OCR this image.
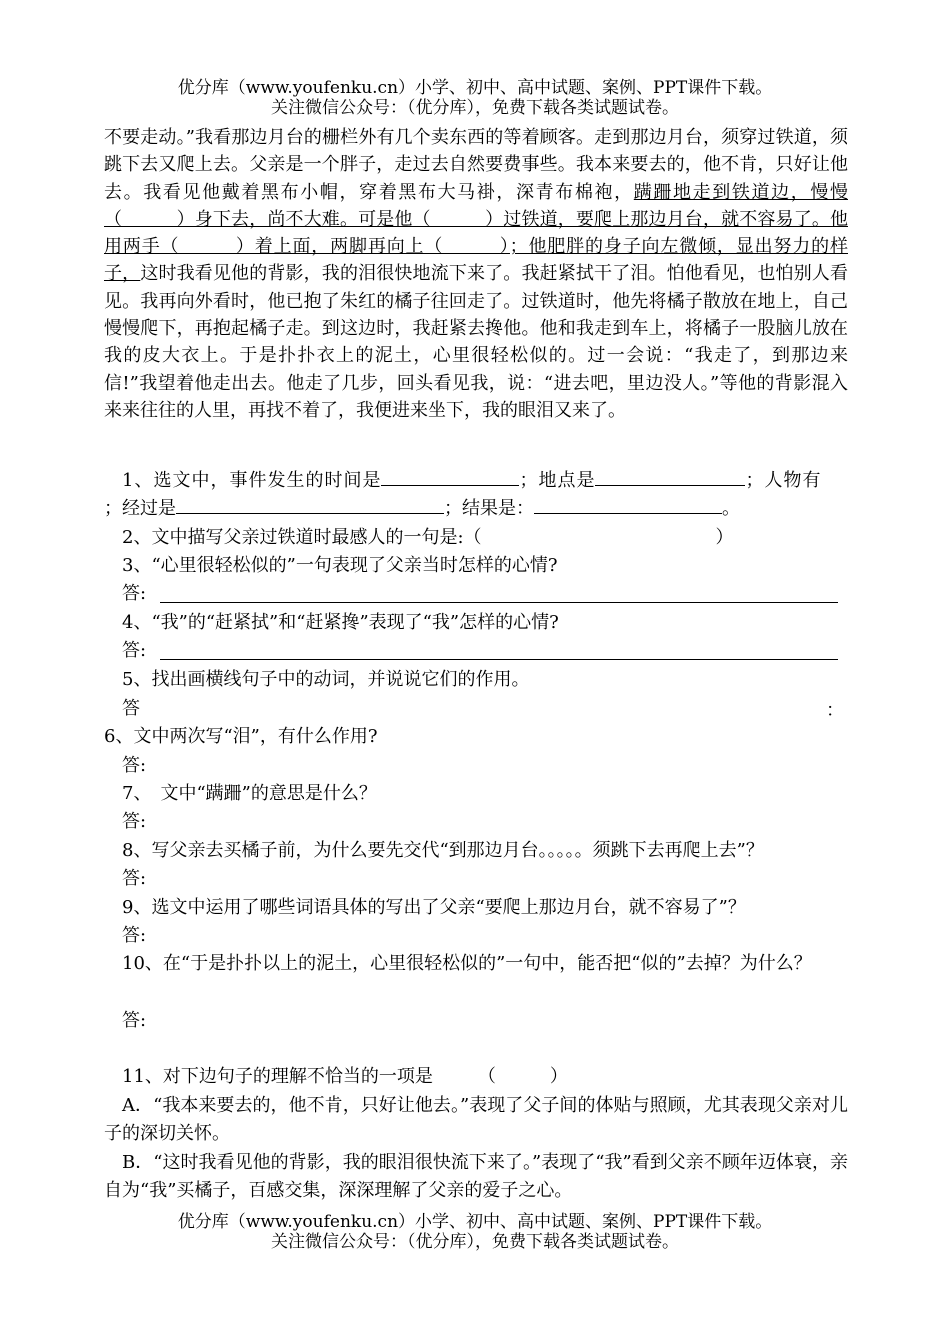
优分库（www.youfenku.cn）小学、初中、高中试题、案例、PPT课件下载。
关注微信公众号：（优分库），免费下载各类试题试卷。
不要走动。”我看那边月台的栅栏外有几个卖东西的等着顾客。走到那边月台，须穿过铁道，须跳下去又爬上去。父亲是一个胖子，走过去自然要费事些。我本来要去的，他不肯，只好让他去。我看见他戴着黑布小帽，穿着黑布大马褂，深青布棉袍，蹒跚地走到铁道边，慢慢（　　　）身下去，尚不大难。可是他（　　　）过铁道，要爬上那边月台，就不容易了。他用两手（　　　）着上面，两脚再向上（　　　）；他肥胖的身子向左微倾，显出努力的样子，这时我看见他的背影，我的泪很快地流下来了。我赶紧拭干了泪。怕他看见，也怕别人看见。我再向外看时，他已抱了朱红的橘子往回走了。过铁道时，他先将橘子散放在地上，自己慢慢爬下，再抱起橘子走。到这边时，我赶紧去搀他。他和我走到车上，将橘子一股脑儿放在我的皮大衣上。于是扑扑衣上的泥土，心里很轻松似的。过一会说：“我走了，到那边来信!”我望着他走出去。他走了几步，回头看见我，说：“进去吧，里边没人。”等他的背影混入来来往往的人里，再找不着了，我便进来坐下，我的眼泪又来了。
1、选文中，事件发生的时间是	；地点是	；人物有
；经过是	；结果是：	。
2、文中描写父亲过铁道时最感人的一句是:（　　　　　　　　　　　　　）
3、“心里很轻松似的”一句表现了父亲当时怎样的心情?
答:
4、“我”的“赶紧拭”和“赶紧搀”表现了“我”怎样的心情?
答:
5、找出画横线句子中的动词，并说说它们的作用。
答	：
6、文中两次写“泪”，有什么作用?
答:
7、　文中“蹒跚”的意思是什么？
答:
8、写父亲去买橘子前，为什么要先交代“到那边月台。。。。。须跳下去再爬上去”？
答:
9、选文中运用了哪些词语具体的写出了父亲“要爬上那边月台，就不容易了”？
答:
10、在“于是扑扑以上的泥土，心里很轻松似的”一句中，能否把“似的”去掉？为什么？
答:
11、对下边句子的理解不恰当的一项是　　　（　　　）
A．“我本来要去的，他不肯，只好让他去。”表现了父子间的体贴与照顾，尤其表现父亲对儿子的深切关怀。
B．“这时我看见他的背影，我的眼泪很快流下来了。”表现了“我”看到父亲不顾年迈体衰，亲自为“我”买橘子，百感交集，深深理解了父亲的爱子之心。
优分库（www.youfenku.cn）小学、初中、高中试题、案例、PPT课件下载。
关注微信公众号：（优分库），免费下载各类试题试卷。
